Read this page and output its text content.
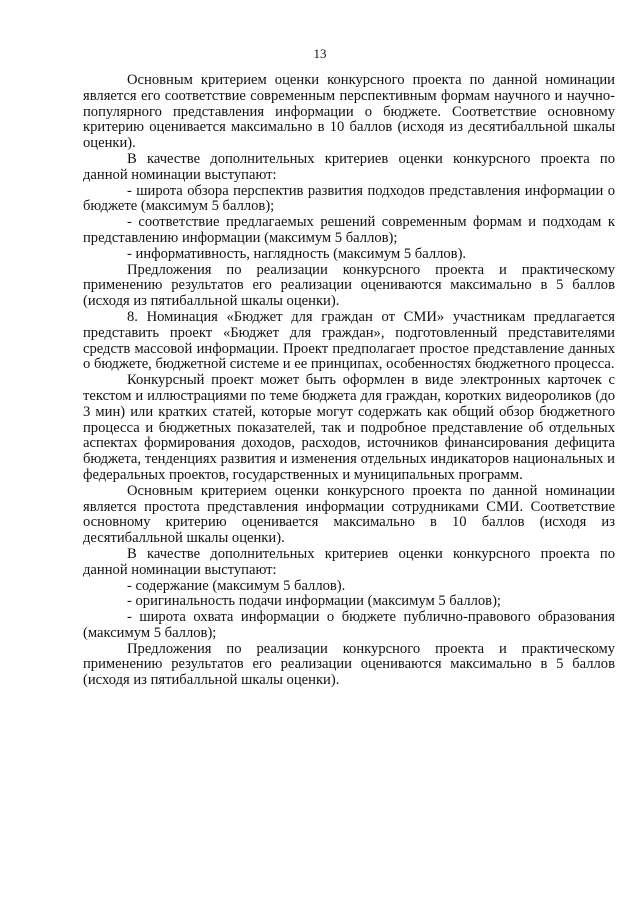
13

Основным критерием оценки конкурсного проекта по данной номинации является его соответствие современным перспективным формам научного и научно-популярного представления информации о бюджете. Соответствие основному критерию оценивается максимально в 10 баллов (исходя из десятибалльной шкалы оценки).

В качестве дополнительных критериев оценки конкурсного проекта по данной номинации выступают:

- широта обзора перспектив развития подходов представления информации о бюджете (максимум 5 баллов);

- соответствие предлагаемых решений современным формам и подходам к представлению информации (максимум 5 баллов);

- информативность, наглядность (максимум 5 баллов).

Предложения по реализации конкурсного проекта и практическому применению результатов его реализации оцениваются максимально в 5 баллов (исходя из пятибалльной шкалы оценки).

8. Номинация «Бюджет для граждан от СМИ» участникам предлагается представить проект «Бюджет для граждан», подготовленный представителями средств массовой информации. Проект предполагает простое представление данных о бюджете, бюджетной системе и ее принципах, особенностях бюджетного процесса.

Конкурсный проект может быть оформлен в виде электронных карточек с текстом и иллюстрациями по теме бюджета для граждан, коротких видеороликов (до 3 мин) или кратких статей, которые могут содержать как общий обзор бюджетного процесса и бюджетных показателей, так и подробное представление об отдельных аспектах формирования доходов, расходов, источников финансирования дефицита бюджета, тенденциях развития и изменения отдельных индикаторов национальных и федеральных проектов, государственных и муниципальных программ.

Основным критерием оценки конкурсного проекта по данной номинации является простота представления информации сотрудниками СМИ. Соответствие основному критерию оценивается максимально в 10 баллов (исходя из десятибалльной шкалы оценки).

В качестве дополнительных критериев оценки конкурсного проекта по данной номинации выступают:

- содержание (максимум 5 баллов).

- оригинальность подачи информации (максимум 5 баллов);

- широта охвата информации о бюджете публично-правового образования (максимум 5 баллов);

Предложения по реализации конкурсного проекта и практическому применению результатов его реализации оцениваются максимально в 5 баллов (исходя из пятибалльной шкалы оценки).
